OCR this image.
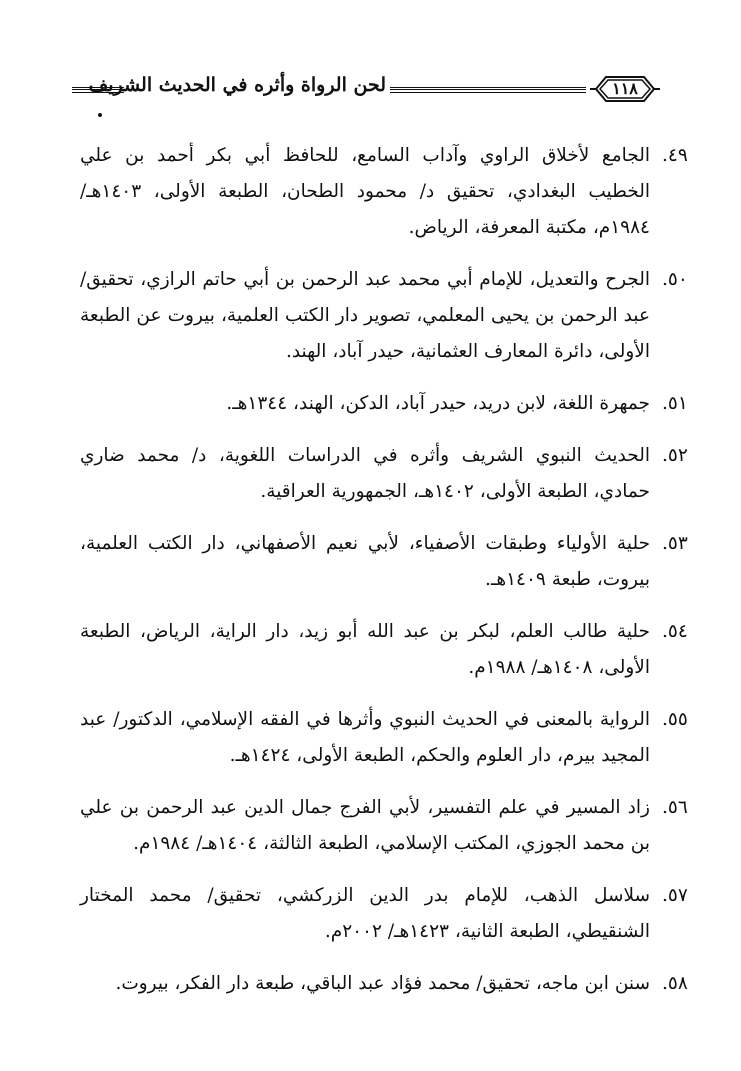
لحن الرواة وأثره في الحديث الشريف	١١٨
٤٩.
الجامع لأخلاق الراوي وآداب السامع، للحافظ أبي بكر أحمد بن علي الخطيب البغدادي، تحقيق د/ محمود الطحان، الطبعة الأولى، ١٤٠٣هـ/ ١٩٨٤م، مكتبة المعرفة، الرياض.
٥٠.
الجرح والتعديل، للإمام أبي محمد عبد الرحمن بن أبي حاتم الرازي، تحقيق/ عبد الرحمن بن يحيى المعلمي، تصوير دار الكتب العلمية، بيروت عن الطبعة الأولى، دائرة المعارف العثمانية، حيدر آباد، الهند.
٥١.
جمهرة اللغة، لابن دريد، حيدر آباد، الدكن، الهند، ١٣٤٤هـ.
٥٢.
الحديث النبوي الشريف وأثره في الدراسات اللغوية، د/ محمد ضاري حمادي، الطبعة الأولى، ١٤٠٢هـ، الجمهورية العراقية.
٥٣.
حلية الأولياء وطبقات الأصفياء، لأبي نعيم الأصفهاني، دار الكتب العلمية، بيروت، طبعة ١٤٠٩هـ.
٥٤.
حلية طالب العلم، لبكر بن عبد الله أبو زيد، دار الراية، الرياض، الطبعة الأولى، ١٤٠٨هـ/ ١٩٨٨م.
٥٥.
الرواية بالمعنى في الحديث النبوي وأثرها في الفقه الإسلامي، الدكتور/ عبد المجيد بيرم، دار العلوم والحكم، الطبعة الأولى، ١٤٢٤هـ.
٥٦.
زاد المسير في علم التفسير، لأبي الفرج جمال الدين عبد الرحمن بن علي بن محمد الجوزي، المكتب الإسلامي، الطبعة الثالثة، ١٤٠٤هـ/ ١٩٨٤م.
٥٧.
سلاسل الذهب، للإمام بدر الدين الزركشي، تحقيق/ محمد المختار الشنقيطي، الطبعة الثانية، ١٤٢٣هـ/ ٢٠٠٢م.
٥٨.
سنن ابن ماجه، تحقيق/ محمد فؤاد عبد الباقي، طبعة دار الفكر، بيروت.
